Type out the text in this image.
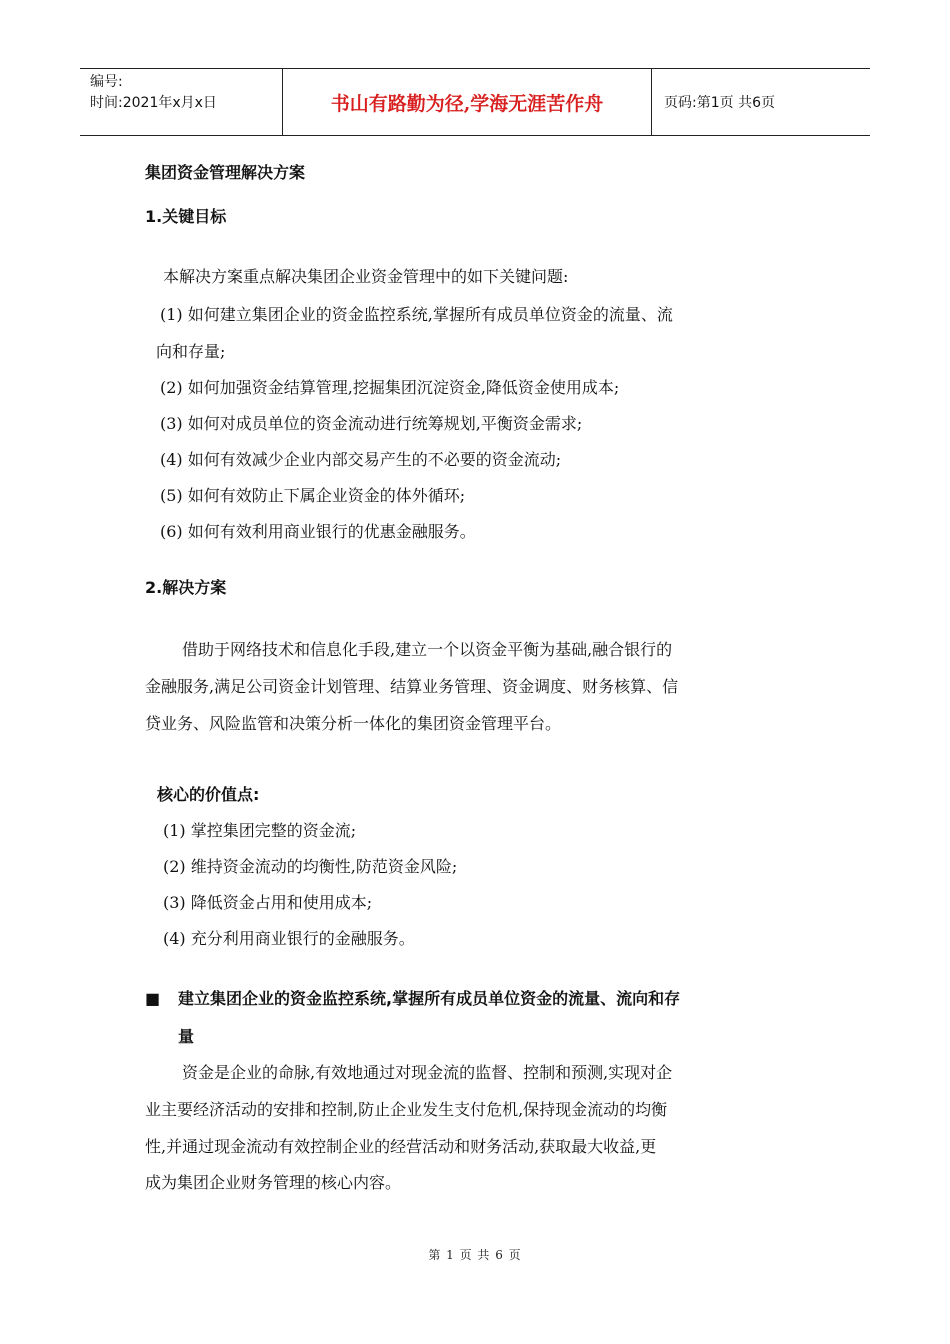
编号:
时间:2021年x月x日	书山有路勤为径,学海无涯苦作舟	页码:第1页 共6页
集团资金管理解决方案
1.关键目标
本解决方案重点解决集团企业资金管理中的如下关键问题:
(1) 如何建立集团企业的资金监控系统,掌握所有成员单位资金的流量、流
向和存量;
(2) 如何加强资金结算管理,挖掘集团沉淀资金,降低资金使用成本;
(3) 如何对成员单位的资金流动进行统筹规划,平衡资金需求;
(4) 如何有效减少企业内部交易产生的不必要的资金流动;
(5) 如何有效防止下属企业资金的体外循环;
(6) 如何有效利用商业银行的优惠金融服务。
2.解决方案
借助于网络技术和信息化手段,建立一个以资金平衡为基础,融合银行的
金融服务,满足公司资金计划管理、结算业务管理、资金调度、财务核算、信
贷业务、风险监管和决策分析一体化的集团资金管理平台。
核心的价值点:
(1) 掌控集团完整的资金流;
(2) 维持资金流动的均衡性,防范资金风险;
(3) 降低资金占用和使用成本;
(4) 充分利用商业银行的金融服务。
■ 建立集团企业的资金监控系统,掌握所有成员单位资金的流量、流向和存
量
资金是企业的命脉,有效地通过对现金流的监督、控制和预测,实现对企
业主要经济活动的安排和控制,防止企业发生支付危机,保持现金流动的均衡
性,并通过现金流动有效控制企业的经营活动和财务活动,获取最大收益,更
成为集团企业财务管理的核心内容。
第 1 页 共 6 页
